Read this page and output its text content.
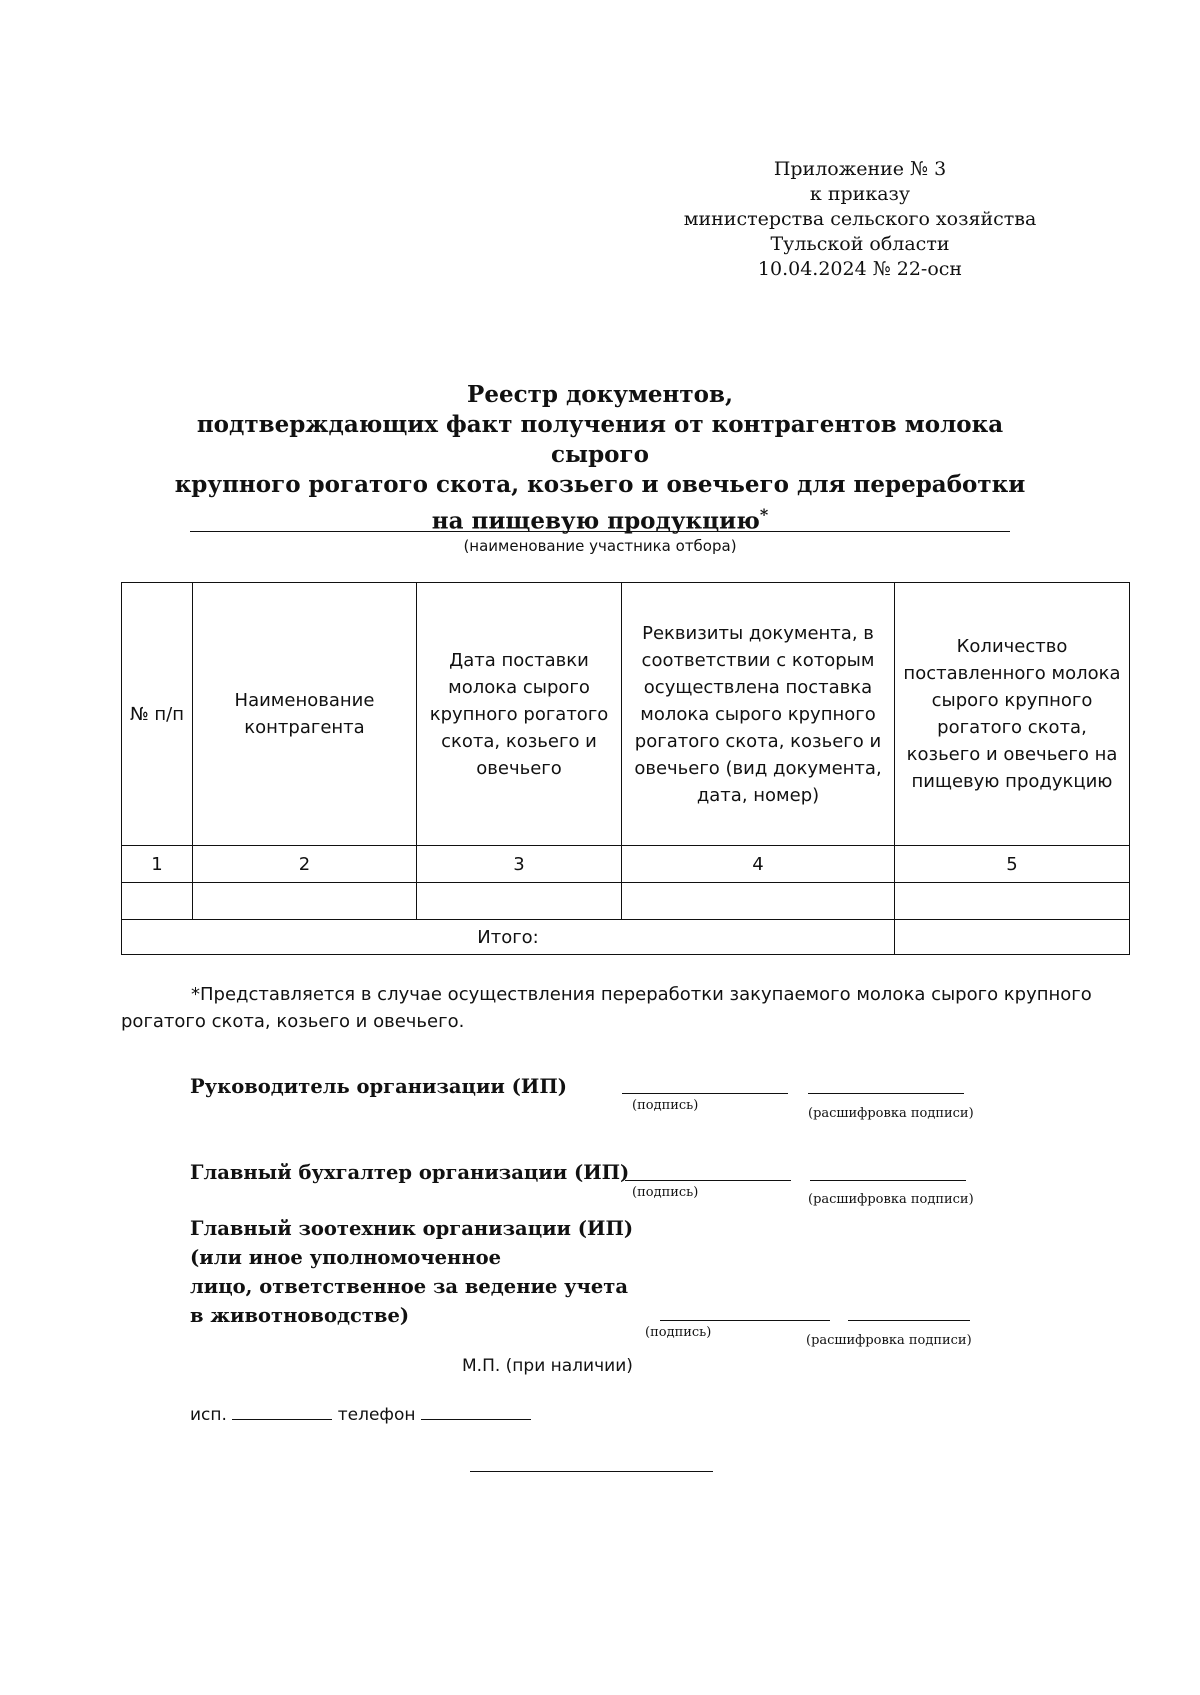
Приложение № 3
к приказу
министерства сельского хозяйства
Тульской области
10.04.2024 № 22-осн
Реестр документов,
подтверждающих факт получения от контрагентов молока сырого
крупного рогатого скота, козьего и овечьего для переработки
на пищевую продукцию*
(наименование участника отбора)
№ п/п	Наименование контрагента	Дата поставки молока сырого крупного рогатого скота, козьего и овечьего	Реквизиты документа, в соответствии с которым осуществлена поставка молока сырого крупного рогатого скота, козьего и овечьего (вид документа, дата, номер)	Количество поставленного молока сырого крупного рогатого скота, козьего и овечьего на пищевую продукцию
1	2	3	4	5

Итого:				
*Представляется в случае осуществления переработки закупаемого молока сырого крупного рогатого скота, козьего и овечьего.
Руководитель организации (ИП)
(подпись)
(расшифровка подписи)
Главный бухгалтер организации (ИП)
(подпись)	(расшифровка подписи)
Главный зоотехник организации (ИП)
(или иное уполномоченное
лицо, ответственное за ведение учета
в животноводстве)
(подпись)
(расшифровка подписи)
М.П. (при наличии)
исп.	телефон
